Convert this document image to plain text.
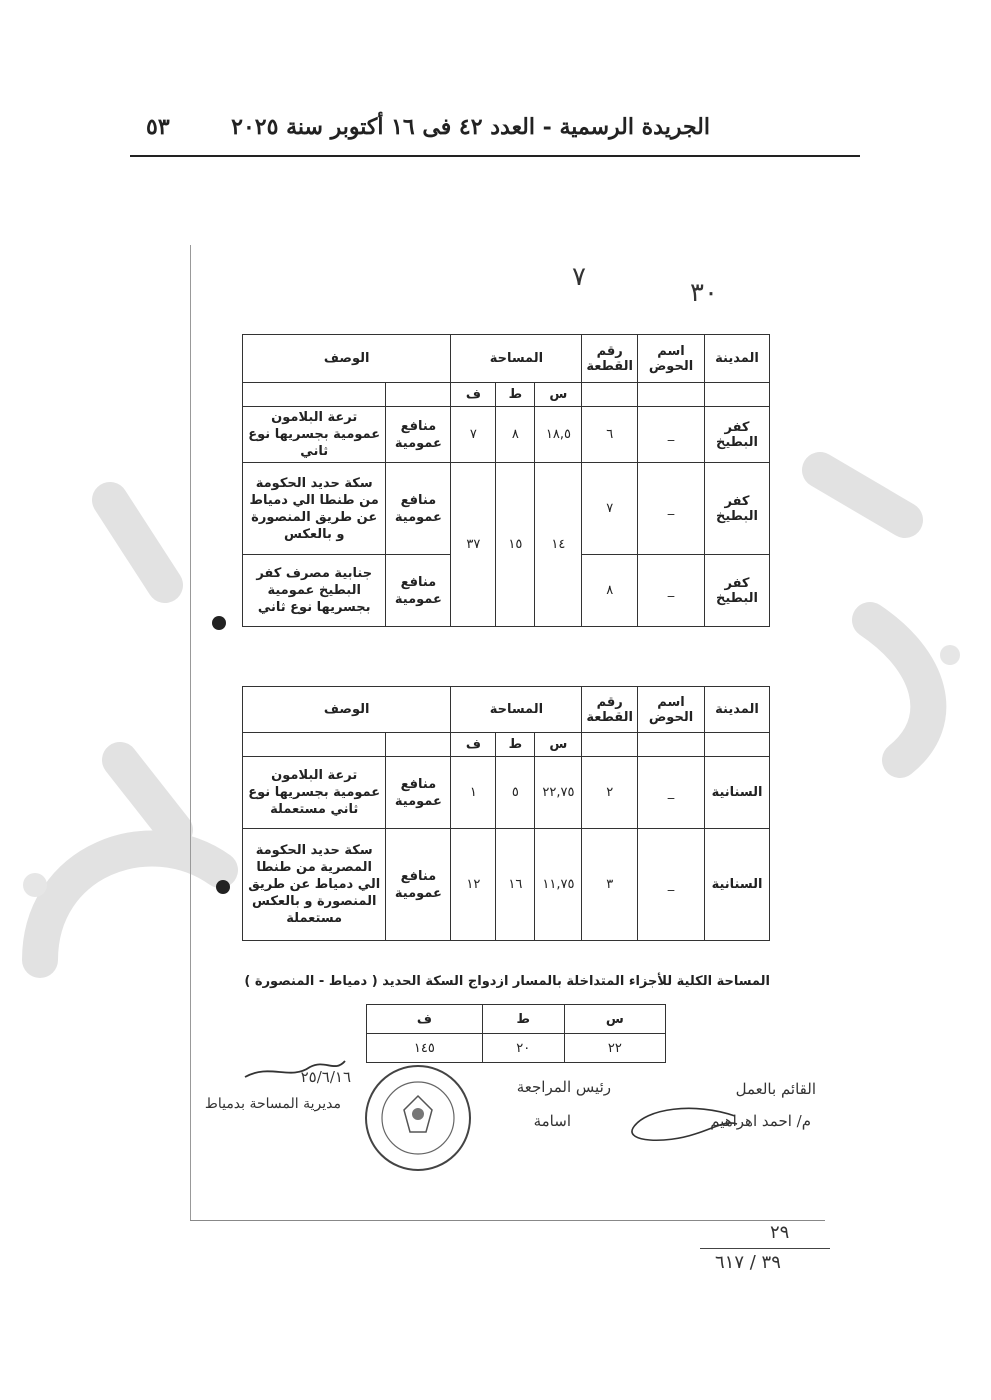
الجريدة الرسمية - العدد ٤٢ فى ١٦ أكتوبر سنة ٢٠٢٥
٥٣
٧
٣٠
المدينة	اسم الحوض	رقم القطعة	المساحة			الوصف	
			س	ط	ف		
كفر البطيخ	_	٦	١٨,٥	٨	٧	منافع عمومية	ترعة البلامون عمومية بجسريها نوع ثاني
كفر البطيخ	_	٧	١٤	١٥	٣٧	منافع عمومية	سكة حديد الحكومة من طنطا الي دمياط عن طريق المنصورة و بالعكس
كفر البطيخ	_	٨				منافع عمومية	جنابية مصرف كفر البطيخ عمومية بجسريها نوع ثاني
المدينة	اسم الحوض	رقم القطعة	المساحة			الوصف	
			س	ط	ف		
السنانية	_	٢	٢٢,٧٥	٥	١	منافع عمومية	ترعة البلامون عمومية بجسريها نوع ثاني مستعملة
السنانية	_	٣	١١,٧٥	١٦	١٢	منافع عمومية	سكة حديد الحكومة المصرية من طنطا الي دمياط عن طريق المنصورة و بالعكس مستعملة
المساحة الكلية للأجزاء المتداخلة بالمسار ازدواج السكة الحديد ( دمياط - المنصورة )
س	ط	ف
٢٢	٢٠	١٤٥
القائم بالعمل
م/ احمد اهراهيم
رئيس المراجعة
اسامة
٢٥/٦/١٦
مديرية المساحة بدمياط
٢٩
٣٩ / ٦١٧
